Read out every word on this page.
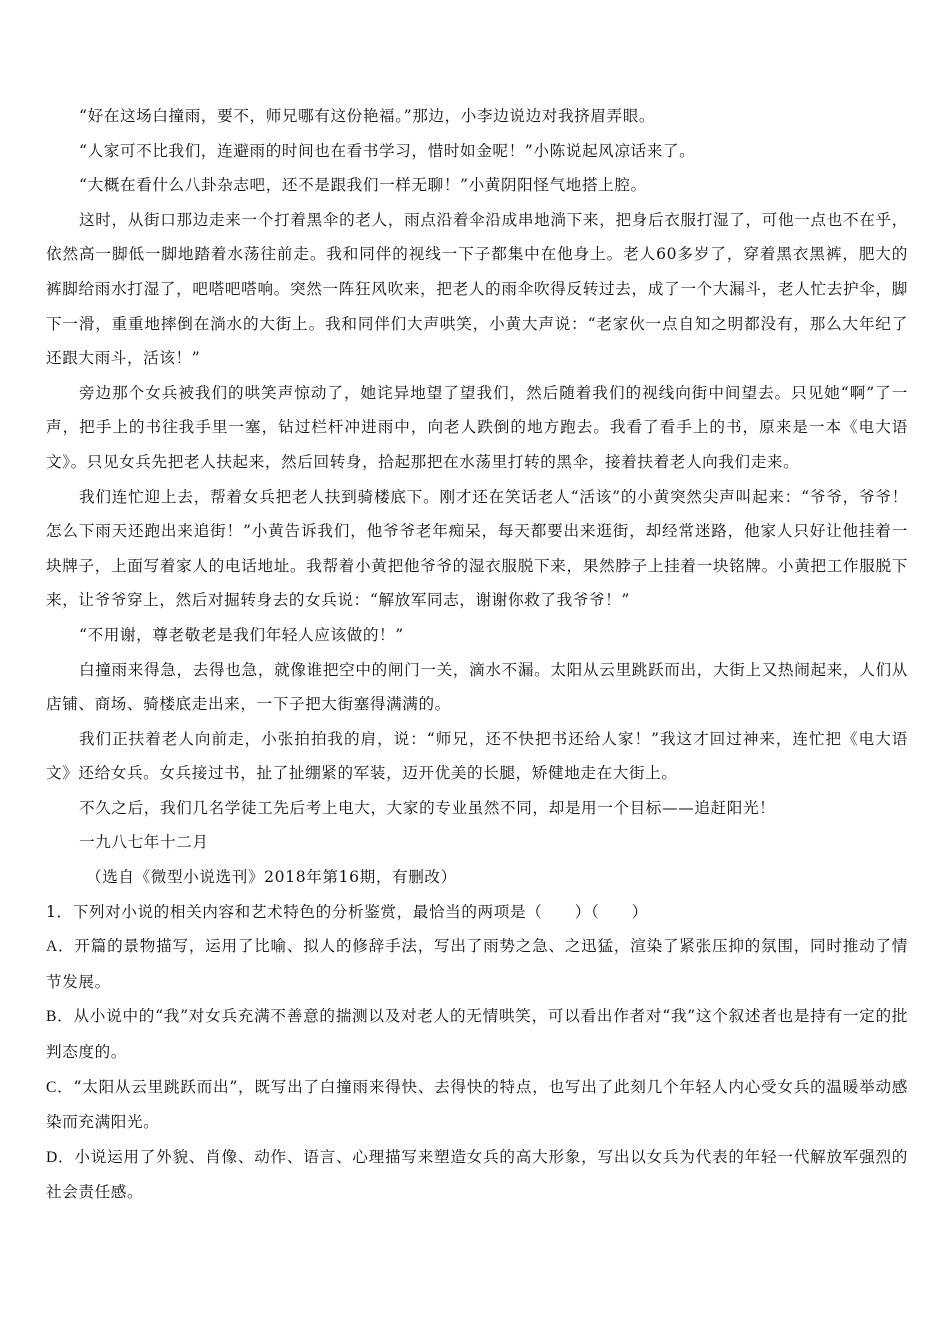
“好在这场白撞雨，要不，师兄哪有这份艳福。”那边，小李边说边对我挤眉弄眼。

“人家可不比我们，连避雨的时间也在看书学习，惜时如金呢！”小陈说起风凉话来了。

“大概在看什么八卦杂志吧，还不是跟我们一样无聊！”小黄阴阳怪气地搭上腔。

这时，从街口那边走来一个打着黑伞的老人，雨点沿着伞沿成串地淌下来，把身后衣服打湿了，可他一点也不在乎，依然高一脚低一脚地踏着水荡往前走。我和同伴的视线一下子都集中在他身上。老人60多岁了，穿着黑衣黑裤，肥大的裤脚给雨水打湿了，吧嗒吧嗒响。突然一阵狂风吹来，把老人的雨伞吹得反转过去，成了一个大漏斗，老人忙去护伞，脚下一滑，重重地摔倒在淌水的大街上。我和同伴们大声哄笑，小黄大声说：“老家伙一点自知之明都没有，那么大年纪了还跟大雨斗，活该！”

旁边那个女兵被我们的哄笑声惊动了，她诧异地望了望我们，然后随着我们的视线向街中间望去。只见她“啊”了一声，把手上的书往我手里一塞，钻过栏杆冲进雨中，向老人跌倒的地方跑去。我看了看手上的书，原来是一本《电大语文》。只见女兵先把老人扶起来，然后回转身，拾起那把在水荡里打转的黑伞，接着扶着老人向我们走来。

我们连忙迎上去，帮着女兵把老人扶到骑楼底下。刚才还在笑话老人“活该”的小黄突然尖声叫起来：“爷爷，爷爷！怎么下雨天还跑出来追街！”小黄告诉我们，他爷爷老年痴呆，每天都要出来逛街，却经常迷路，他家人只好让他挂着一块牌子，上面写着家人的电话地址。我帮着小黄把他爷爷的湿衣服脱下来，果然脖子上挂着一块铭牌。小黄把工作服脱下来，让爷爷穿上，然后对掘转身去的女兵说：“解放军同志，谢谢你救了我爷爷！”

“不用谢，尊老敬老是我们年轻人应该做的！”

白撞雨来得急，去得也急，就像谁把空中的闸门一关，滴水不漏。太阳从云里跳跃而出，大街上又热闹起来，人们从店铺、商场、骑楼底走出来，一下子把大街塞得满满的。

我们正扶着老人向前走，小张拍拍我的肩，说：“师兄，还不快把书还给人家！”我这才回过神来，连忙把《电大语文》还给女兵。女兵接过书，扯了扯绷紧的军装，迈开优美的长腿，矫健地走在大街上。

不久之后，我们几名学徒工先后考上电大，大家的专业虽然不同，却是用一个目标——追赶阳光！

一九八七年十二月

（选自《微型小说选刊》2018年第16期，有删改）

1．下列对小说的相关内容和艺术特色的分析鉴赏，最恰当的两项是（　　）（　　）

A．开篇的景物描写，运用了比喻、拟人的修辞手法，写出了雨势之急、之迅猛，渲染了紧张压抑的氛围，同时推动了情节发展。

B．从小说中的“我”对女兵充满不善意的揣测以及对老人的无情哄笑，可以看出作者对“我”这个叙述者也是持有一定的批判态度的。

C．“太阳从云里跳跃而出”，既写出了白撞雨来得快、去得快的特点，也写出了此刻几个年轻人内心受女兵的温暖举动感染而充满阳光。

D．小说运用了外貌、肖像、动作、语言、心理描写来塑造女兵的高大形象，写出以女兵为代表的年轻一代解放军强烈的社会责任感。
